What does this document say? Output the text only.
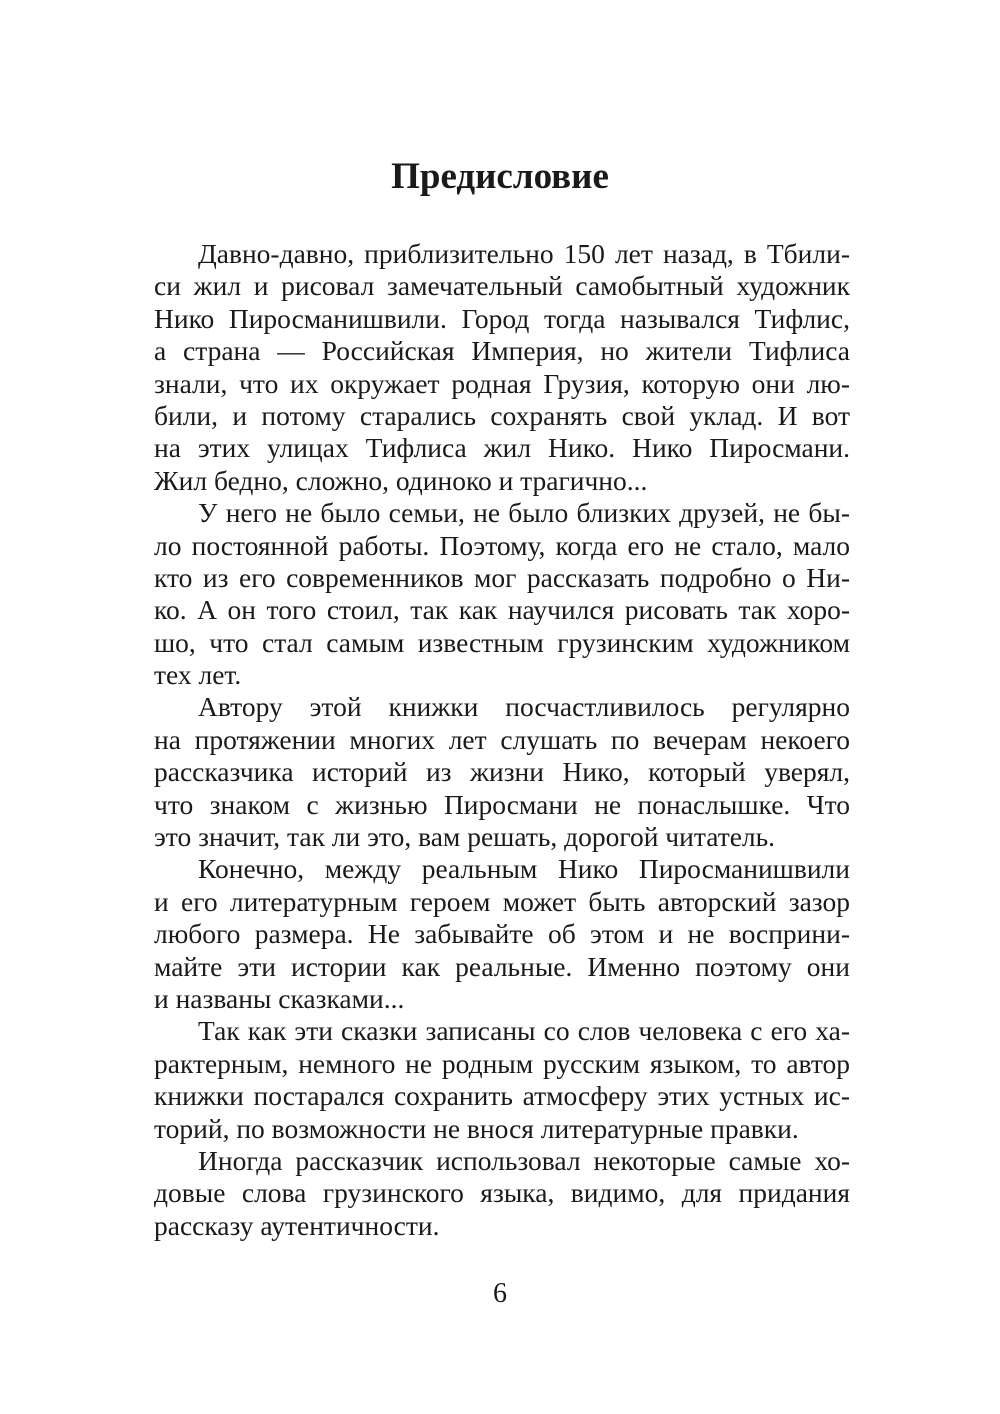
Предисловие

Давно-давно, приблизительно 150 лет назад, в Тбили-
си жил и рисовал замечательный самобытный художник
Нико Пиросманишвили. Город тогда назывался Тифлис,
а страна — Российская Империя, но жители Тифлиса
знали, что их окружает родная Грузия, которую они лю-
били, и потому старались сохранять свой уклад. И вот
на этих улицах Тифлиса жил Нико. Нико Пиросмани.
Жил бедно, сложно, одиноко и трагично...

У него не было семьи, не было близких друзей, не бы-
ло постоянной работы. Поэтому, когда его не стало, мало
кто из его современников мог рассказать подробно о Ни-
ко. А он того стоил, так как научился рисовать так хоро-
шо, что стал самым известным грузинским художником
тех лет.

Автору этой книжки посчастливилось регулярно
на протяжении многих лет слушать по вечерам некоего
рассказчика историй из жизни Нико, который уверял,
что знаком с жизнью Пиросмани не понаслышке. Что
это значит, так ли это, вам решать, дорогой читатель.

Конечно, между реальным Нико Пиросманишвили
и его литературным героем может быть авторский зазор
любого размера. Не забывайте об этом и не восприни-
майте эти истории как реальные. Именно поэтому они
и названы сказками...

Так как эти сказки записаны со слов человека с его ха-
рактерным, немного не родным русским языком, то автор
книжки постарался сохранить атмосферу этих устных ис-
торий, по возможности не внося литературные правки.

Иногда рассказчик использовал некоторые самые хо-
довые слова грузинского языка, видимо, для придания
рассказу аутентичности.

6
